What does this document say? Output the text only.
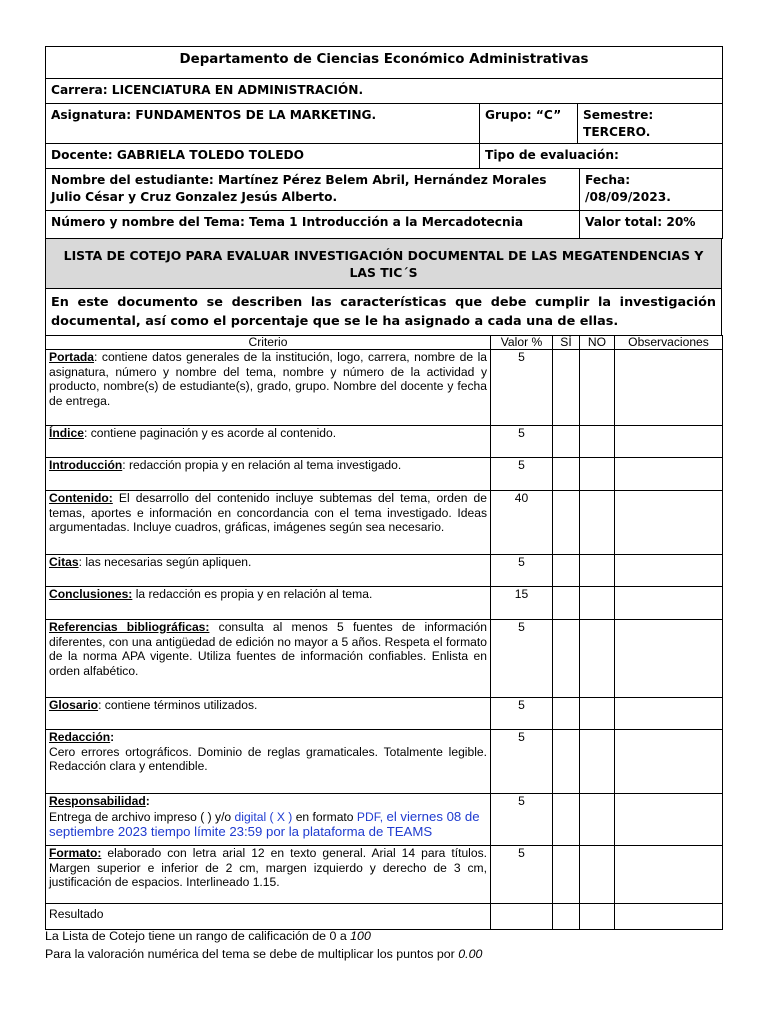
Departamento de Ciencias Económico Administrativas		
Carrera: LICENCIATURA EN ADMINISTRACIÓN.		
Asignatura: FUNDAMENTOS DE LA MARKETING.	Grupo: “C”	Semestre: TERCERO.
Docente: GABRIELA TOLEDO TOLEDO	Tipo de evaluación:	
Nombre del estudiante: Martínez Pérez Belem Abril, Hernández Morales Julio César y Cruz Gonzalez Jesús Alberto.	Fecha: /08/09/2023.
Número y nombre del Tema: Tema 1 Introducción a la Mercadotecnia	Valor total: 20%
LISTA DE COTEJO PARA EVALUAR INVESTIGACIÓN DOCUMENTAL DE LAS MEGATENDENCIAS Y LAS TIC´S
En este documento se describen las características que debe cumplir la investigación documental, así como el porcentaje que se le ha asignado a cada una de ellas.
Criterio	Valor %	SÍ	NO	Observaciones
Portada: contiene datos generales de la institución, logo, carrera, nombre de la asignatura, número y nombre del tema, nombre y número de la actividad y producto, nombre(s) de estudiante(s), grado, grupo. Nombre del docente y fecha de entrega.	5			
Índice: contiene paginación y es acorde al contenido.	5			
Introducción: redacción propia y en relación al tema investigado.	5			
Contenido: El desarrollo del contenido incluye subtemas del tema, orden de temas, aportes e información en concordancia con el tema investigado. Ideas argumentadas. Incluye cuadros, gráficas, imágenes según sea necesario.	40			
Citas: las necesarias según apliquen.	5			
Conclusiones: la redacción es propia y en relación al tema.	15			
Referencias bibliográficas: consulta al menos 5 fuentes de información diferentes, con una antigüedad de edición no mayor a 5 años. Respeta el formato de la norma APA vigente. Utiliza fuentes de información confiables. Enlista en orden alfabético.	5			
Glosario: contiene términos utilizados.	5			
Redacción:
Cero errores ortográficos. Dominio de reglas gramaticales. Totalmente legible. Redacción clara y entendible.	5			
Responsabilidad:
Entrega de archivo impreso ( ) y/o digital ( X ) en formato PDF, el viernes 08 de septiembre 2023 tiempo límite 23:59 por la plataforma de TEAMS	5			
Formato: elaborado con letra arial 12 en texto general. Arial 14 para títulos. Margen superior e inferior de 2 cm, margen izquierdo y derecho de 3 cm, justificación de espacios. Interlineado 1.15.	5			
Resultado				
La Lista de Cotejo tiene un rango de calificación de 0 a 100
Para la valoración numérica del tema se debe de multiplicar los puntos por 0.00
